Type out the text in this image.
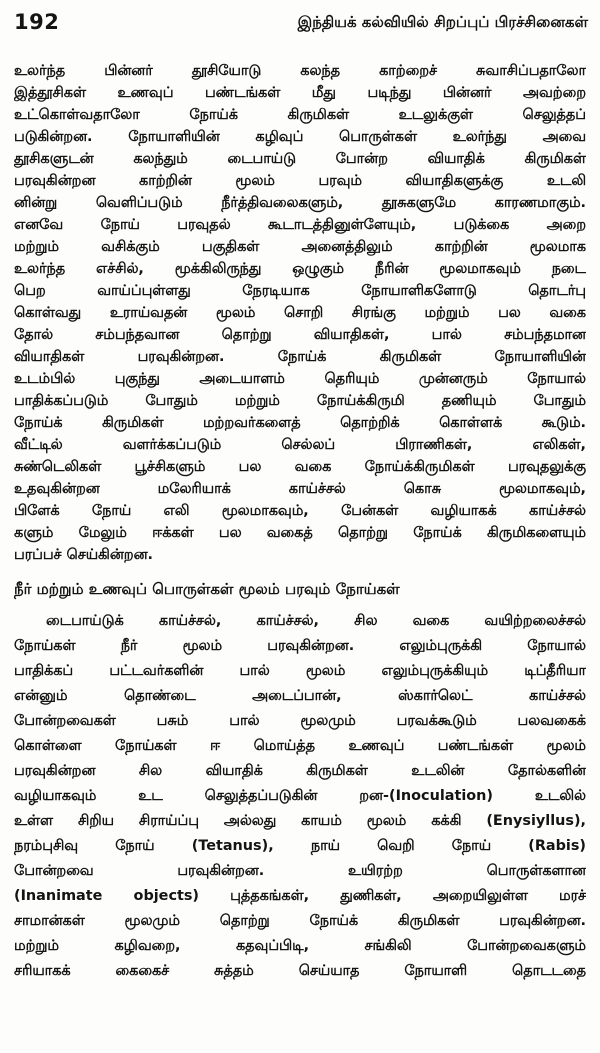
192	இந்தியக் கல்வியில் சிறப்புப் பிரச்சினைகள்
உலர்ந்த பின்னர் தூசியோடு கலந்த காற்றைச் சுவாசிப்பதாலோ
இத்தூசிகள் உணவுப் பண்டங்கள் மீது படிந்து பின்னர் அவற்றை
உட்கொள்வதாலோ நோய்க் கிருமிகள் உடலுக்குள் செலுத்தப்
படுகின்றன. நோயாளியின் கழிவுப் பொருள்கள் உலர்ந்து அவை
தூசிகளுடன் கலந்தும் டைபாய்டு போன்ற வியாதிக் கிருமிகள்
பரவுகின்றன காற்றின் மூலம் பரவும் வியாதிகளுக்கு உடலி
னின்று வெளிப்படும் நீர்த்திவலைகளும், தூசுகளுமே காரணமாகும்.
எனவே நோய் பரவுதல் கூடாடத்தினுள்ளேயும், படுக்கை அறை
மற்றும் வசிக்கும் பகுதிகள் அனைத்திலும் காற்றின் மூலமாக
உலர்ந்த எச்சில், மூக்கிலிருந்து ஒழுகும் நீரின் மூலமாகவும் நடை
பெற வாய்ப்புள்ளது நேரடியாக நோயாளிகளோடு தொடர்பு
கொள்வது உராய்வதன் மூலம் சொறி சிரங்கு மற்றும் பல வகை
தோல் சம்பந்தவான தொற்று வியாதிகள், பால் சம்பந்தமான
வியாதிகள் பரவுகின்றன. நோய்க் கிருமிகள் நோயாளியின்
உடம்பில் புகுந்து அடையாளம் தெரியும் முன்னரும் நோயால்
பாதிக்கப்படும் போதும் மற்றும் நோய்க்கிருமி தணியும் போதும்
நோய்க் கிருமிகள் மற்றவர்களைத் தொற்றிக் கொள்ளக் கூடும்.
வீட்டில் வளர்க்கப்படும் செல்லப் பிராணிகள், எலிகள்,
சுண்டெலிகள் பூச்சிகளும் பல வகை நோய்க்கிருமிகள் பரவுதலுக்கு
உதவுகின்றன மலேரியாக் காய்ச்சல் கொசு மூலமாகவும்,
பிளேக் நோய் எலி மூலமாகவும், பேன்கள் வழியாகக் காய்ச்சல்
களும் மேலும் ஈக்கள் பல வகைத் தொற்று நோய்க் கிருமிகளையும்
பரப்பச் செய்கின்றன.
நீர் மற்றும் உணவுப் பொருள்கள் மூலம் பரவும் நோய்கள்
டைபாய்டுக் காய்ச்சல், காய்ச்சல், சில வகை வயிற்றலைச்சல்
நோய்கள் நீர் மூலம் பரவுகின்றன. எலும்புருக்கி நோயால்
பாதிக்கப் பட்டவர்களின் பால் மூலம் எலும்புருக்கியும் டிப்தீரியா
என்னும் தொண்டை அடைப்பான், ஸ்கார்லெட் காய்ச்சல்
போன்றவைகள் பசும் பால் மூலமும் பரவக்கூடும் பலவகைக்
கொள்ளை நோய்கள் ஈ மொய்த்த உணவுப் பண்டங்கள் மூலம்
பரவுகின்றன சில வியாதிக் கிருமிகள் உடலின் தோல்களின்
வழியாகவும் உட செலுத்தப்படுகின் றன-(Inoculation) உடலில்
உள்ள சிறிய சிராய்ப்பு அல்லது காயம் மூலம் கக்கி (Enysiyllus),
நரம்புசிவு நோய் (Tetanus), நாய் வெறி நோய் (Rabis)
போன்றவை பரவுகின்றன. உயிரற்ற பொருள்களான
(Inanimate objects) புத்தகங்கள், துணிகள், அறையிலுள்ள மரச்
சாமான்கள் மூலமும் தொற்று நோய்க் கிருமிகள் பரவுகின்றன.
மற்றும் கழிவறை, கதவுப்பிடி, சங்கிலி போன்றவைகளும்
சரியாகக் கைகைச் சுத்தம் செய்யாத நோயாளி தொடடதை
